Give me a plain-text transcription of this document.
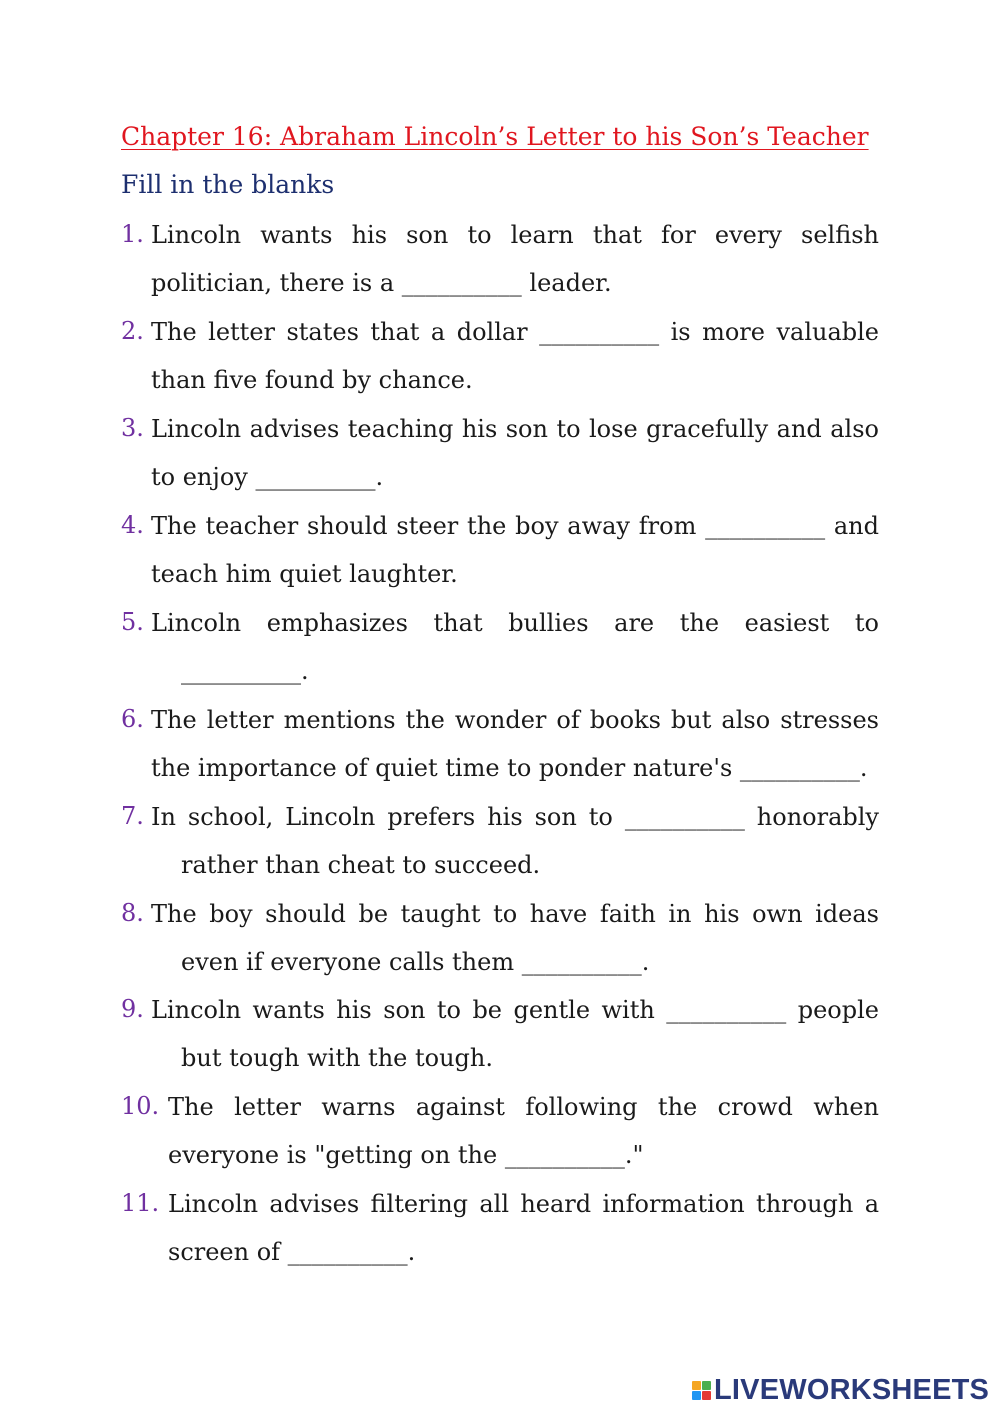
Chapter 16: Abraham Lincoln’s Letter to his Son’s Teacher
Fill in the blanks
1. Lincoln wants his son to learn that for every selfish
politician, there is a __________ leader.
2. The letter states that a dollar __________ is more valuable
than five found by chance.
3. Lincoln advises teaching his son to lose gracefully and also
to enjoy __________.
4. The teacher should steer the boy away from __________ and
teach him quiet laughter.
5. Lincoln emphasizes that bullies are the easiest to
__________.
6. The letter mentions the wonder of books but also stresses
the importance of quiet time to ponder nature's __________.
7. In school, Lincoln prefers his son to __________ honorably
rather than cheat to succeed.
8. The boy should be taught to have faith in his own ideas
even if everyone calls them __________.
9. Lincoln wants his son to be gentle with __________ people
but tough with the tough.
10. The letter warns against following the crowd when
everyone is "getting on the __________."
11. Lincoln advises filtering all heard information through a
screen of __________.
LIVEWORKSHEETS
